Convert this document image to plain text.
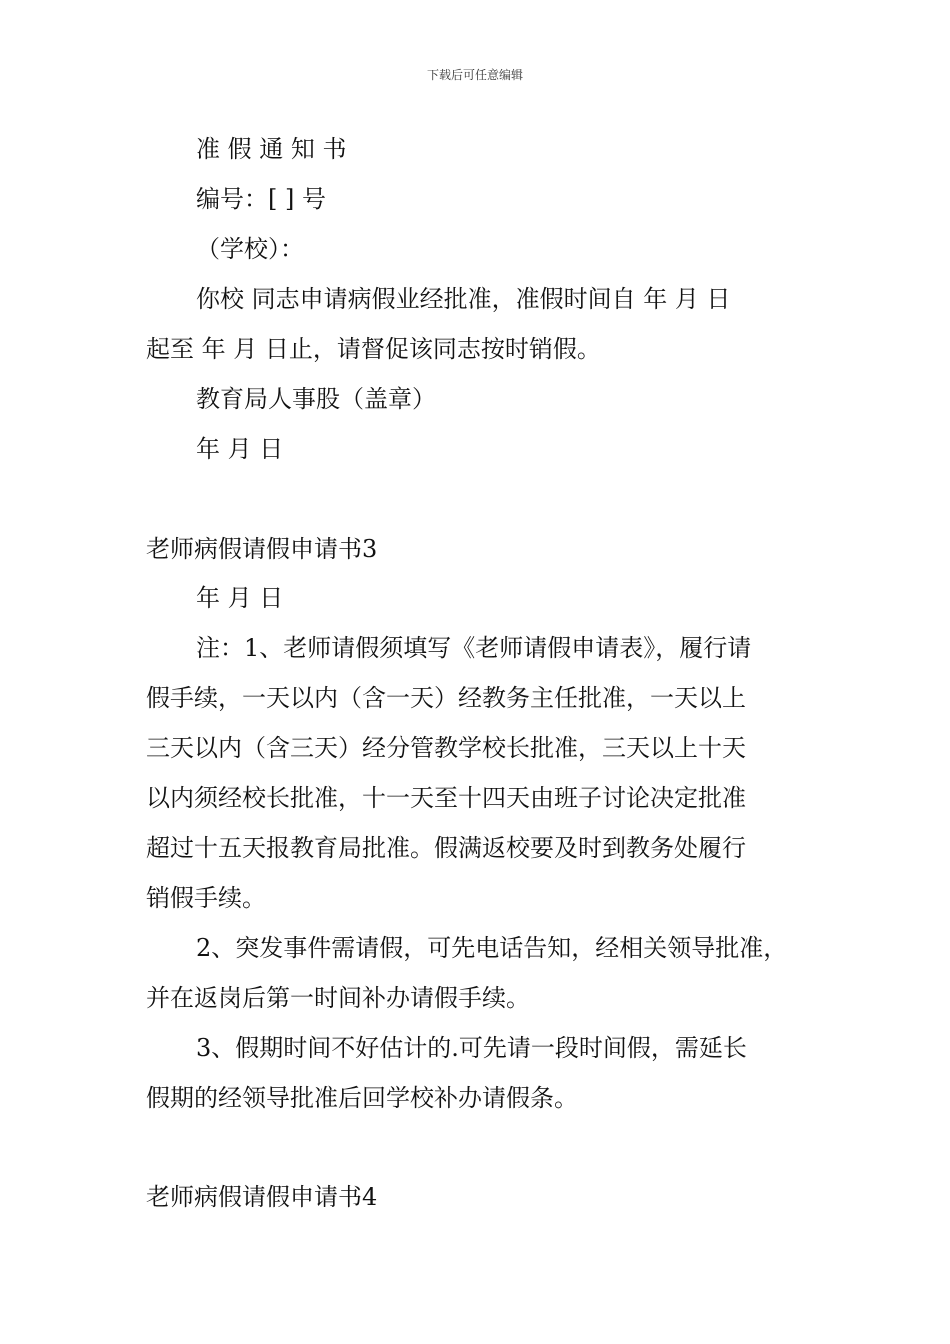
下载后可任意编辑
准 假 通 知 书
编号：[ ] 号
（学校）：
你校 同志申请病假业经批准，准假时间自 年 月 日
起至 年 月 日止，请督促该同志按时销假。
教育局人事股（盖章）
年 月 日
老师病假请假申请书3
年 月 日
注：1、老师请假须填写《老师请假申请表》，履行请
假手续，一天以内（含一天）经教务主任批准，一天以上
三天以内（含三天）经分管教学校长批准，三天以上十天
以内须经校长批准，十一天至十四天由班子讨论决定批准
超过十五天报教育局批准。假满返校要及时到教务处履行
销假手续。
2、突发事件需请假，可先电话告知，经相关领导批准，
并在返岗后第一时间补办请假手续。
3、假期时间不好估计的.可先请一段时间假，需延长
假期的经领导批准后回学校补办请假条。
老师病假请假申请书4
